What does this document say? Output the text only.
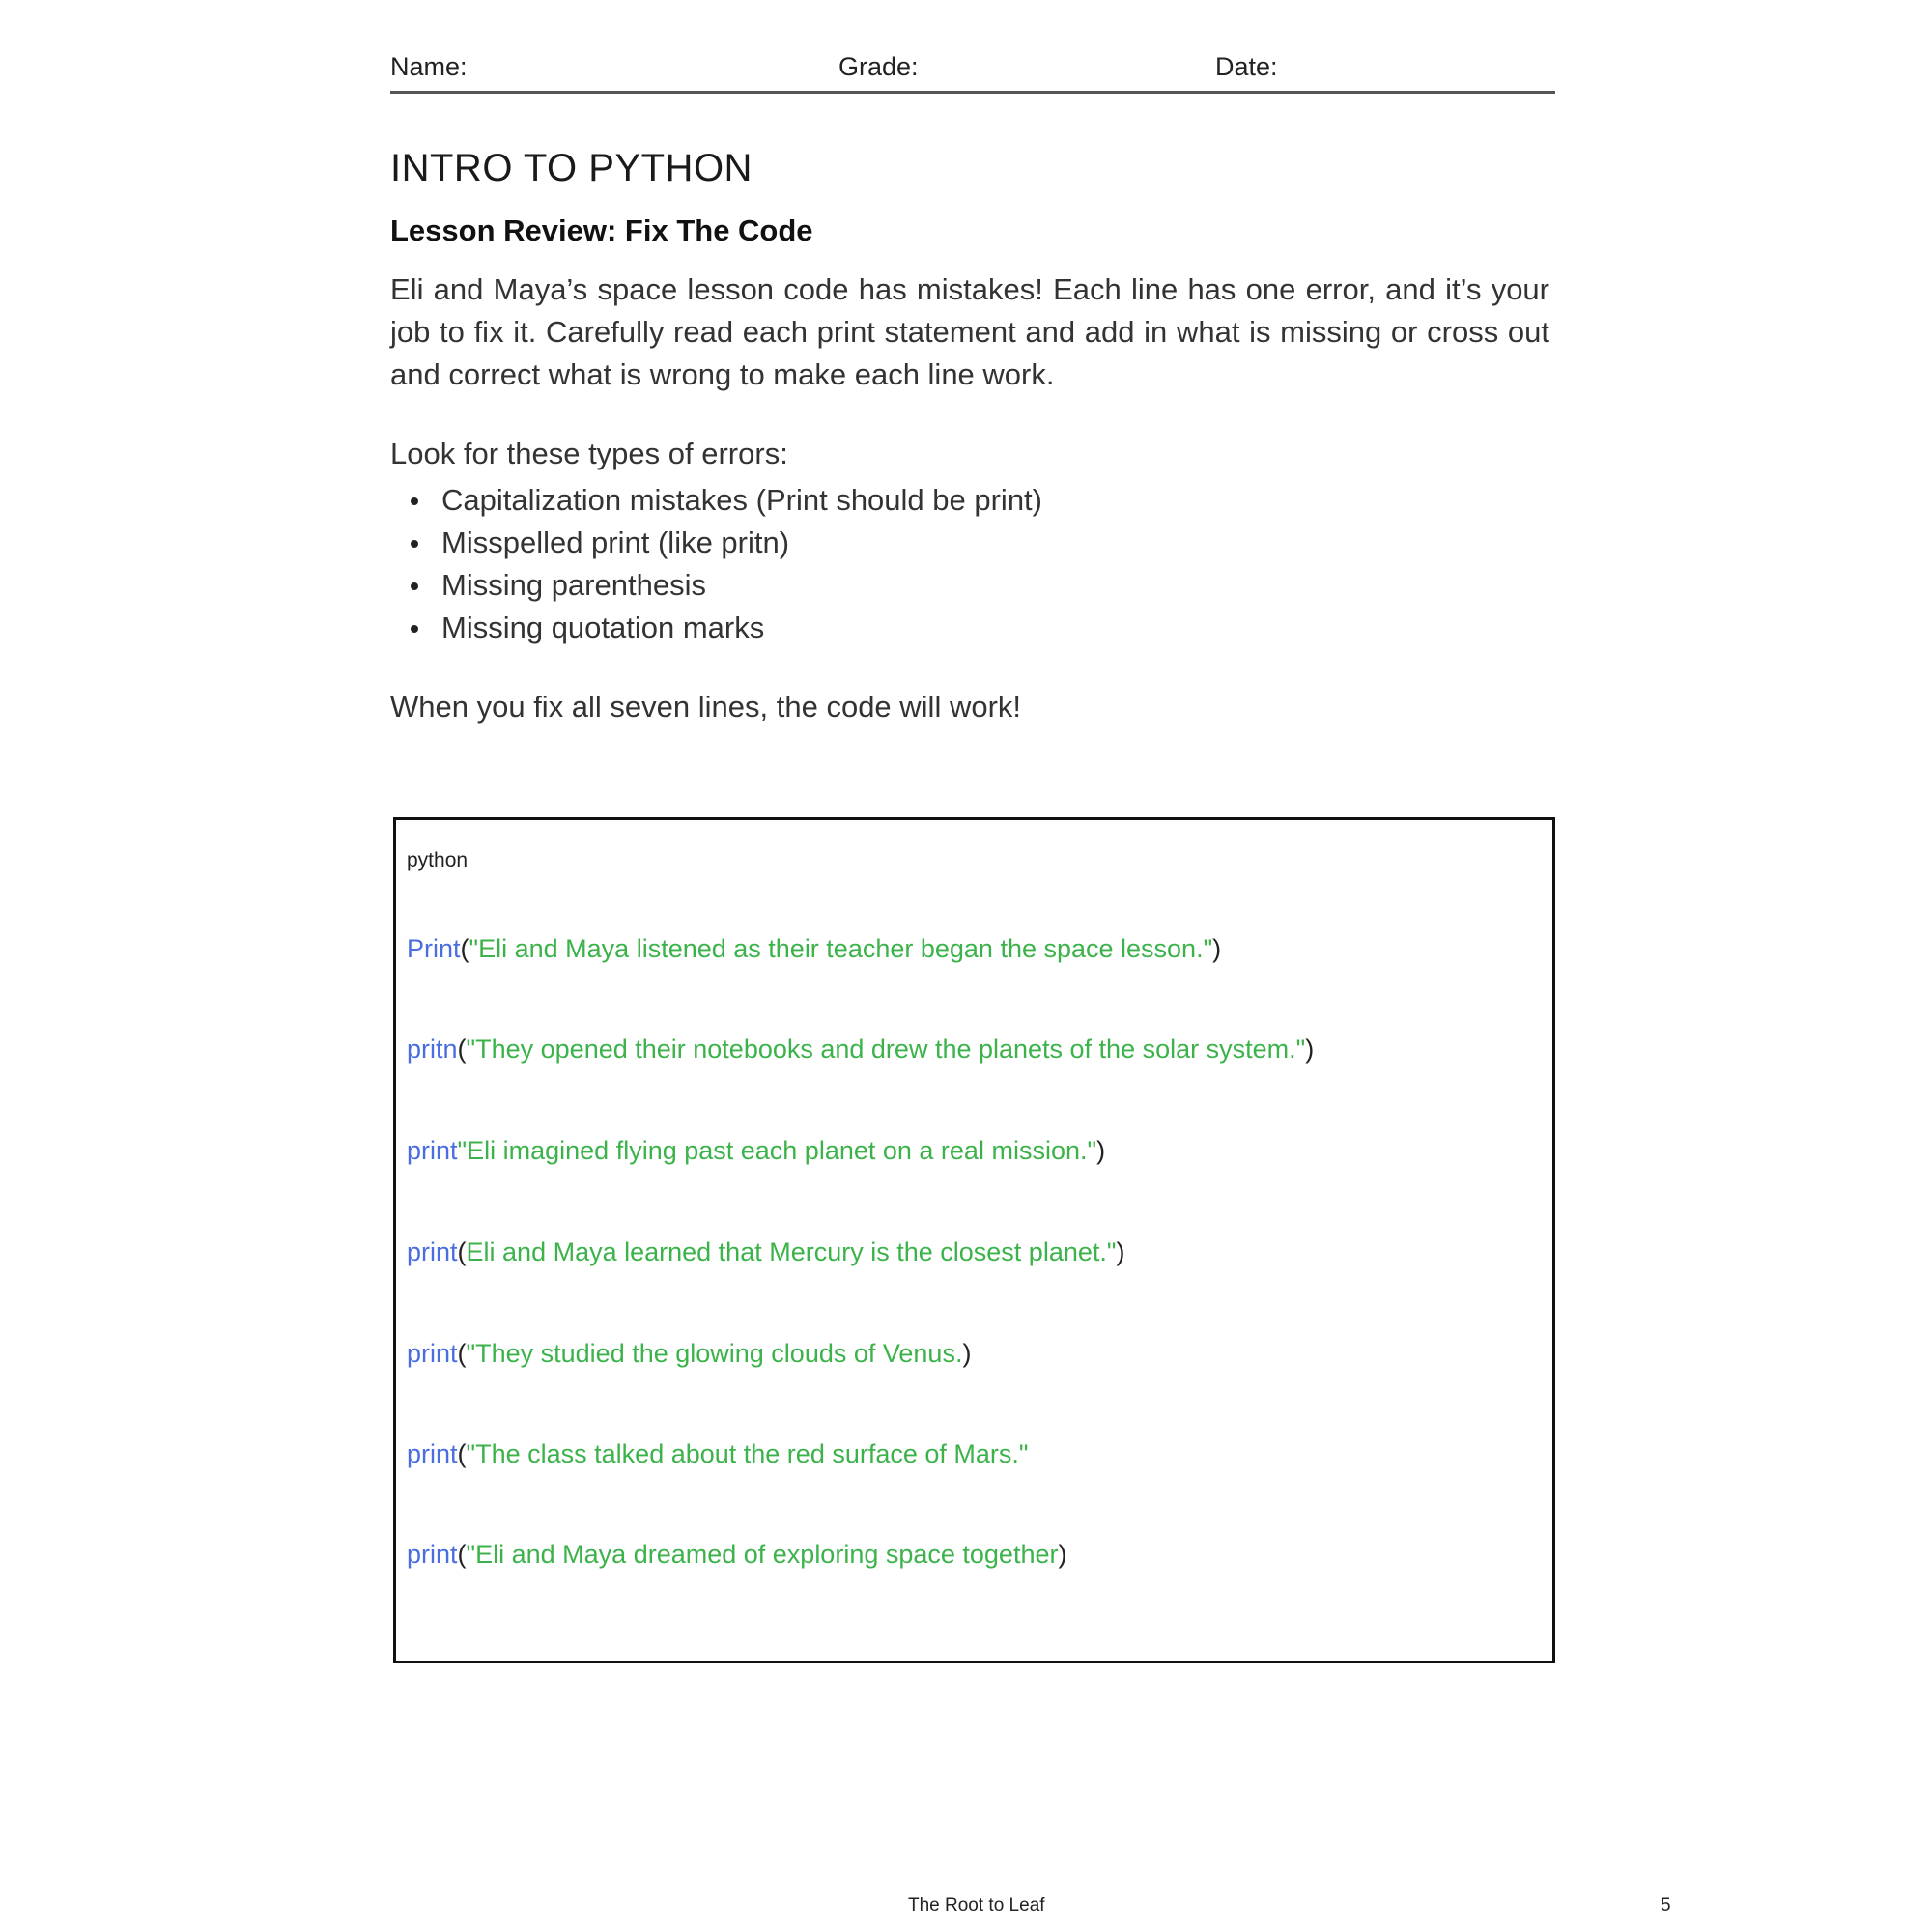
Name:	Grade:	Date:
INTRO TO PYTHON
Lesson Review: Fix The Code

Eli and Maya’s space lesson code has mistakes! Each line has one error, and it’s your job to fix it. Carefully read each print statement and add in what is missing or cross out and correct what is wrong to make each line work.

Look for these types of errors:

Capitalization mistakes (Print should be print)
Misspelled print (like pritn)
Missing parenthesis
Missing quotation marks

When you fix all seven lines, the code will work!

python
Print("Eli and Maya listened as their teacher began the space lesson.")
pritn("They opened their notebooks and drew the planets of the solar system.")
print"Eli imagined flying past each planet on a real mission.")
print(Eli and Maya learned that Mercury is the closest planet.")
print("They studied the glowing clouds of Venus.)
print("The class talked about the red surface of Mars."
print("Eli and Maya dreamed of exploring space together)
The Root to Leaf	5
